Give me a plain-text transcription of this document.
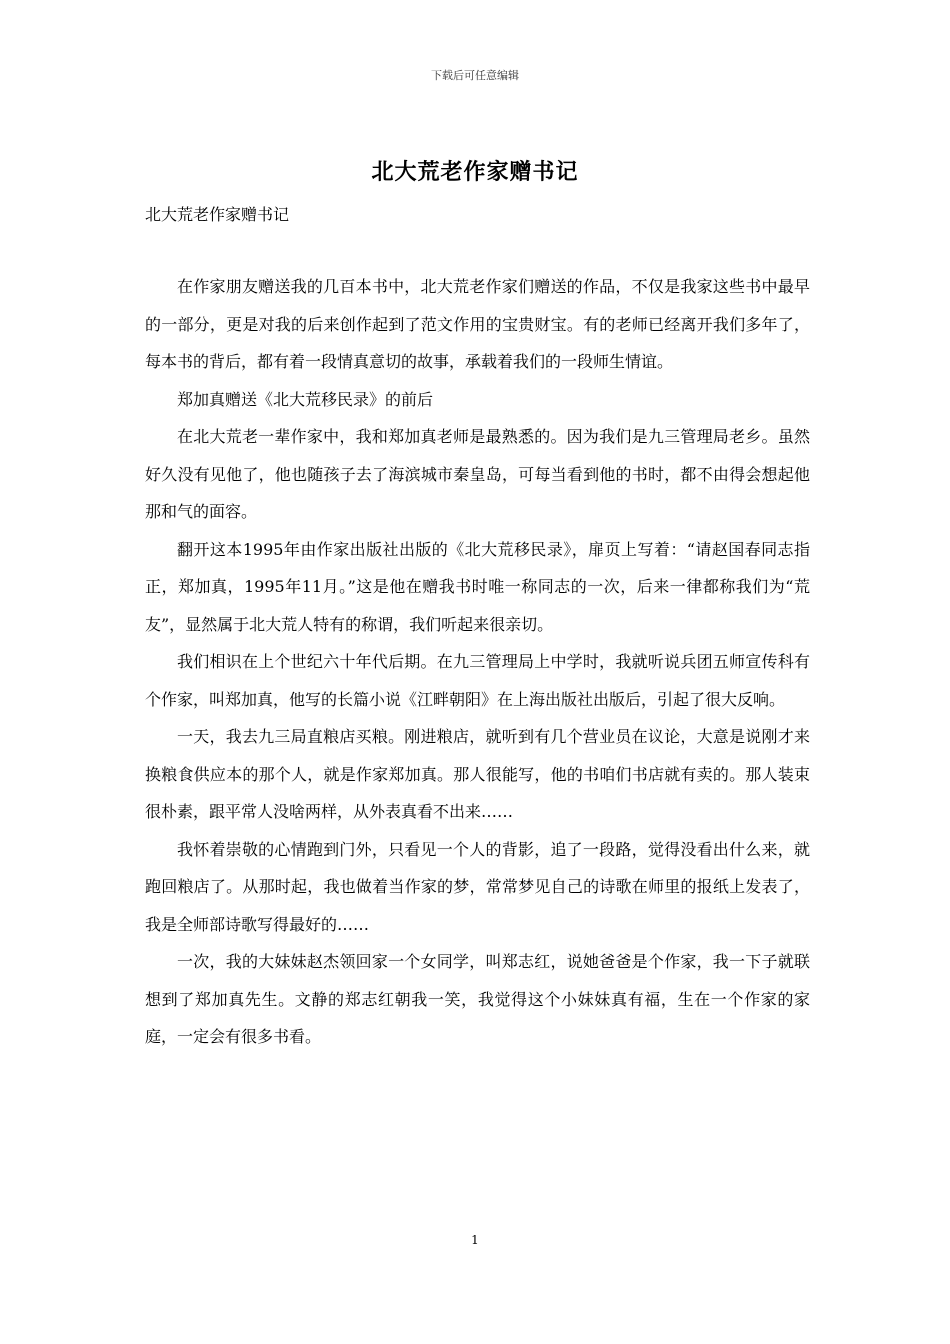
下载后可任意编辑
北大荒老作家赠书记
北大荒老作家赠书记

在作家朋友赠送我的几百本书中，北大荒老作家们赠送的作品，不仅是我家这些书中最早的一部分，更是对我的后来创作起到了范文作用的宝贵财宝。有的老师已经离开我们多年了，每本书的背后，都有着一段情真意切的故事，承载着我们的一段师生情谊。

郑加真赠送《北大荒移民录》的前后

在北大荒老一辈作家中，我和郑加真老师是最熟悉的。因为我们是九三管理局老乡。虽然好久没有见他了，他也随孩子去了海滨城市秦皇岛，可每当看到他的书时，都不由得会想起他那和气的面容。

翻开这本1995年由作家出版社出版的《北大荒移民录》，扉页上写着：“请赵国春同志指正，郑加真，1995年11月。”这是他在赠我书时唯一称同志的一次，后来一律都称我们为“荒友”，显然属于北大荒人特有的称谓，我们听起来很亲切。

我们相识在上个世纪六十年代后期。在九三管理局上中学时，我就听说兵团五师宣传科有个作家，叫郑加真，他写的长篇小说《江畔朝阳》在上海出版社出版后，引起了很大反响。

一天，我去九三局直粮店买粮。刚进粮店，就听到有几个营业员在议论，大意是说刚才来换粮食供应本的那个人，就是作家郑加真。那人很能写，他的书咱们书店就有卖的。那人装束很朴素，跟平常人没啥两样，从外表真看不出来……

我怀着崇敬的心情跑到门外，只看见一个人的背影，追了一段路，觉得没看出什么来，就跑回粮店了。从那时起，我也做着当作家的梦，常常梦见自己的诗歌在师里的报纸上发表了，我是全师部诗歌写得最好的……

一次，我的大妹妹赵杰领回家一个女同学，叫郑志红，说她爸爸是个作家，我一下子就联想到了郑加真先生。文静的郑志红朝我一笑，我觉得这个小妹妹真有福，生在一个作家的家庭，一定会有很多书看。

1
